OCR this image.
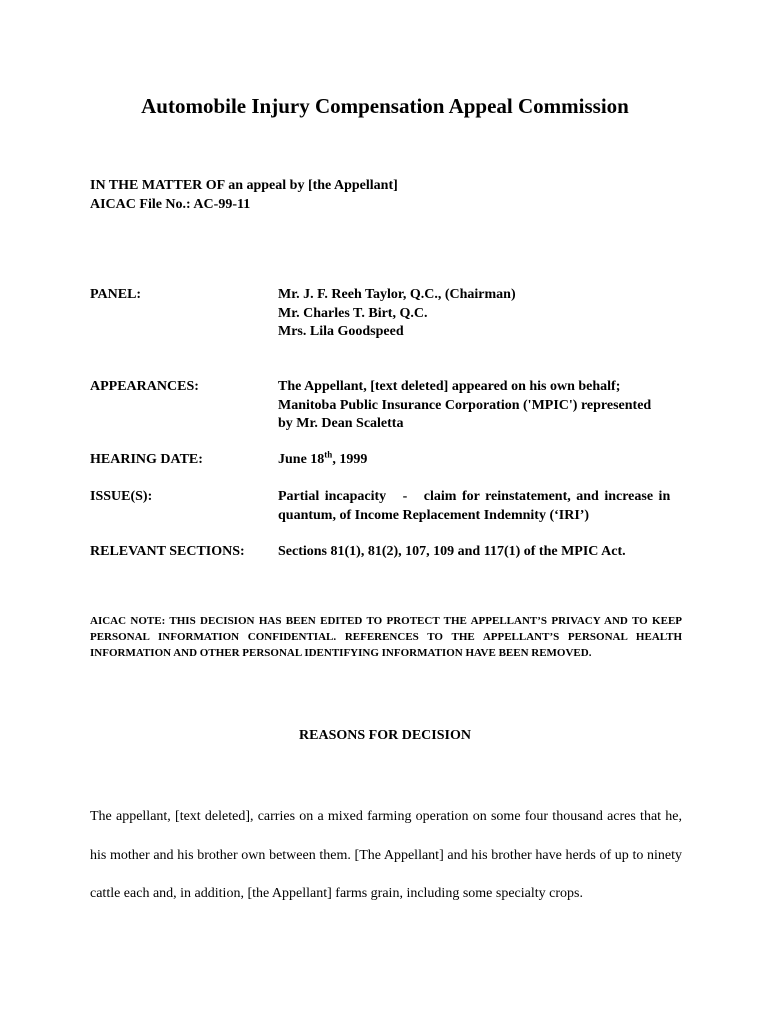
Automobile Injury Compensation Appeal Commission
IN THE MATTER OF an appeal by [the Appellant]
AICAC File No.: AC-99-11
PANEL:	Mr. J. F. Reeh Taylor, Q.C., (Chairman)
Mr. Charles T. Birt, Q.C.
Mrs. Lila Goodspeed
APPEARANCES:	The Appellant, [text deleted] appeared on his own behalf;
Manitoba Public Insurance Corporation ('MPIC') represented
by Mr. Dean Scaletta
HEARING DATE:	June 18th, 1999
ISSUE(S):	Partial incapacity   -   claim for reinstatement, and increase in
quantum, of Income Replacement Indemnity (‘IRI’)
RELEVANT SECTIONS: Sections 81(1), 81(2), 107, 109 and 117(1) of the MPIC Act.
AICAC NOTE: THIS DECISION HAS BEEN EDITED TO PROTECT THE APPELLANT’S PRIVACY AND TO KEEP PERSONAL INFORMATION CONFIDENTIAL. REFERENCES TO THE APPELLANT’S PERSONAL HEALTH INFORMATION AND OTHER PERSONAL IDENTIFYING INFORMATION HAVE BEEN REMOVED.
REASONS FOR DECISION

The appellant, [text deleted], carries on a mixed farming operation on some four thousand acres that he, his mother and his brother own between them. [The Appellant] and his brother have herds of up to ninety cattle each and, in addition, [the Appellant] farms grain, including some specialty crops.
